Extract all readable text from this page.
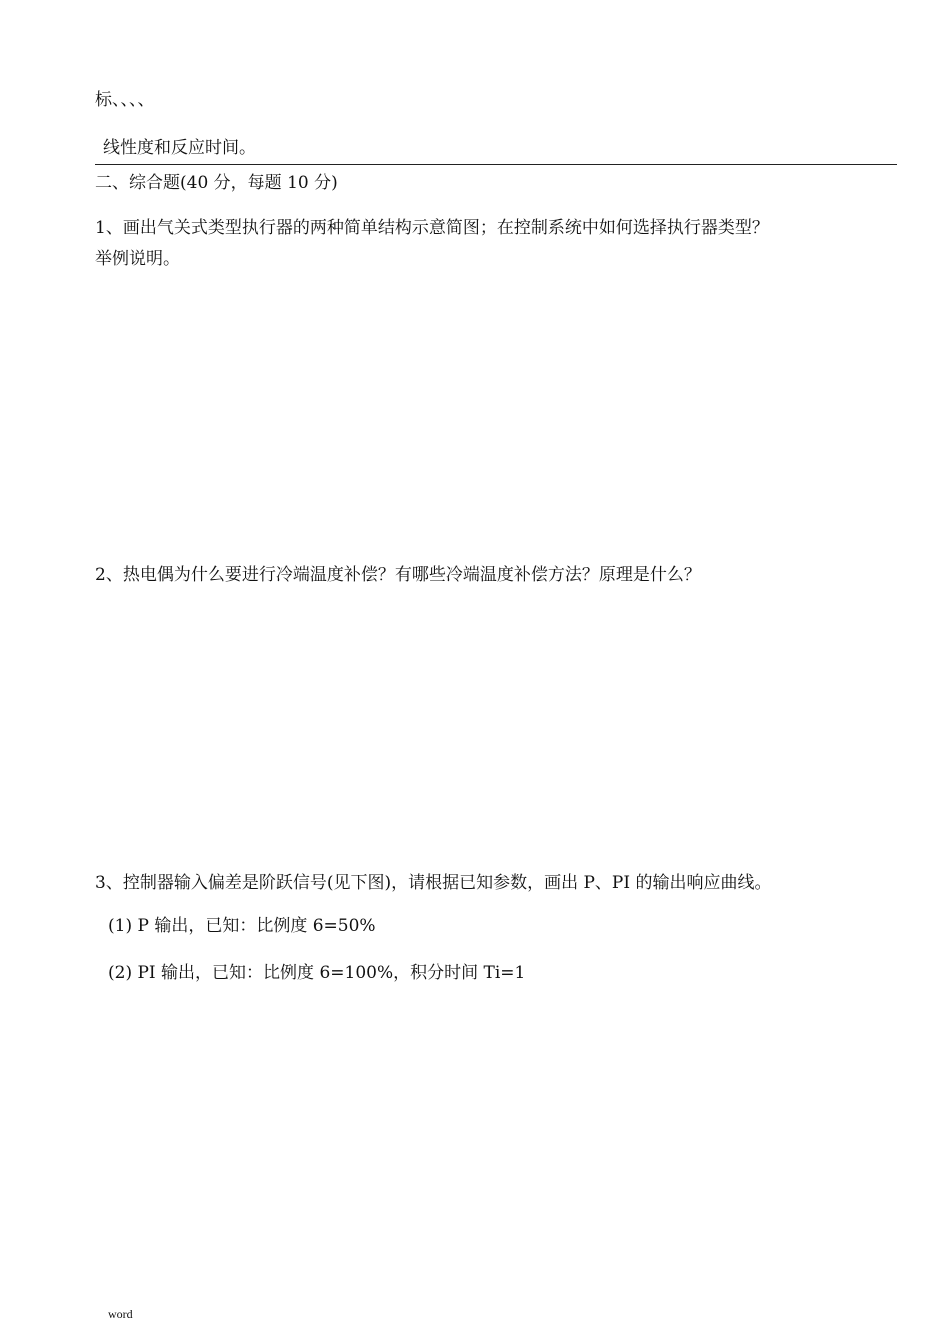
标、、、、
线性度和反应时间。
二、综合题(40 分，每题 10 分)
1、画出气关式类型执行器的两种简单结构示意简图；在控制系统中如何选择执行器类型？
举例说明。
2、热电偶为什么要进行冷端温度补偿？有哪些冷端温度补偿方法？原理是什么？
3、控制器输入偏差是阶跃信号(见下图)，请根据已知参数，画出 P、PI 的输出响应曲线。
(1) P 输出，已知：比例度 6=50%
(2) PI 输出，已知：比例度 6=100%，积分时间 Ti=1
word
